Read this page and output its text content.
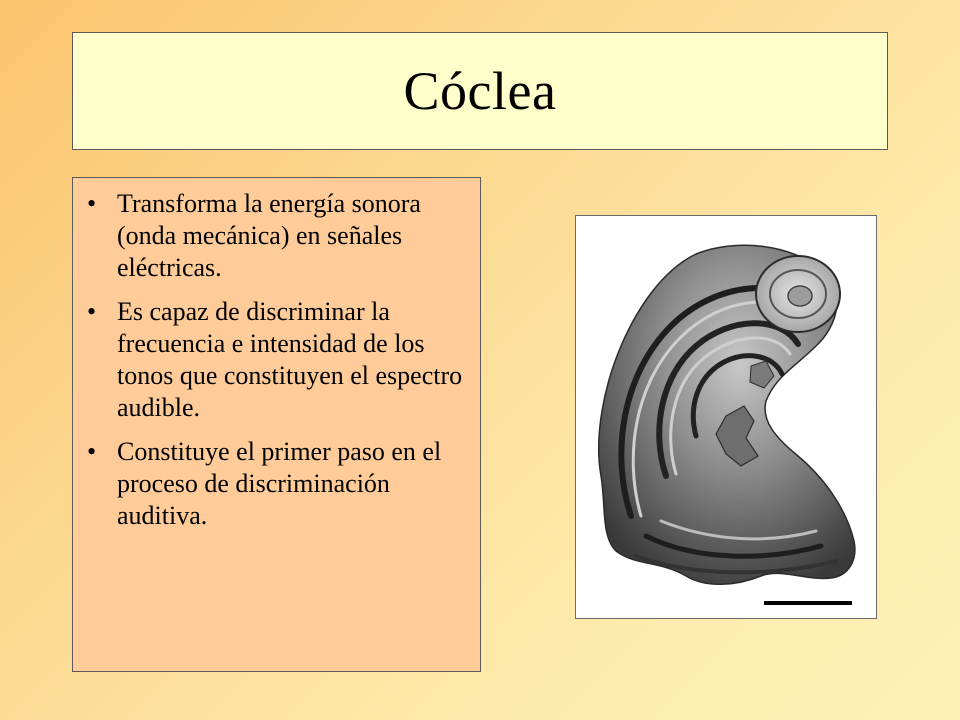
Cóclea
• Transforma la energía sonora (onda mecánica) en señales eléctricas.
• Es capaz de discriminar la frecuencia e intensidad de los tonos que constituyen el espectro audible.
• Constituye el primer paso en el proceso de discriminación auditiva.
